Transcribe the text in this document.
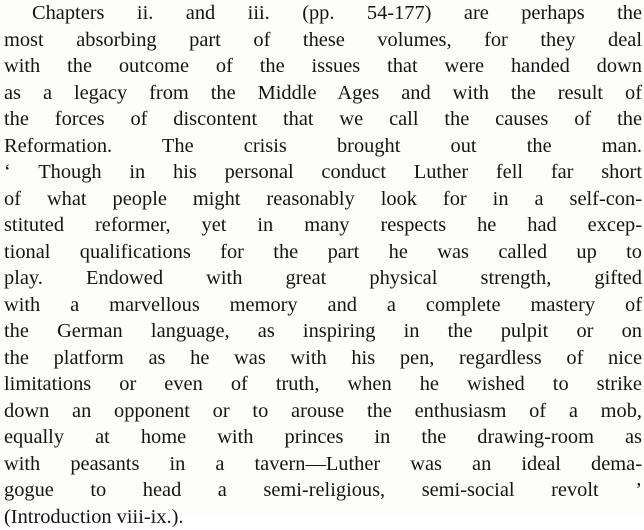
Chapters ii. and iii. (pp. 54-177) are perhaps the
most absorbing part of these volumes, for they deal
with the outcome of the issues that were handed down
as a legacy from the Middle Ages and with the result of
the forces of discontent that we call the causes of the
Reformation. The crisis brought out the man.
‘ Though in his personal conduct Luther fell far short
of what people might reasonably look for in a self-con-
stituted reformer, yet in many respects he had excep-
tional qualifications for the part he was called up to
play. Endowed with great physical strength, gifted
with a marvellous memory and a complete mastery of
the German language, as inspiring in the pulpit or on
the platform as he was with his pen, regardless of nice
limitations or even of truth, when he wished to strike
down an opponent or to arouse the enthusiasm of a mob,
equally at home with princes in the drawing-room as
with peasants in a tavern—Luther was an ideal dema-
gogue to head a semi-religious, semi-social revolt ’
(Introduction viii-ix.).
